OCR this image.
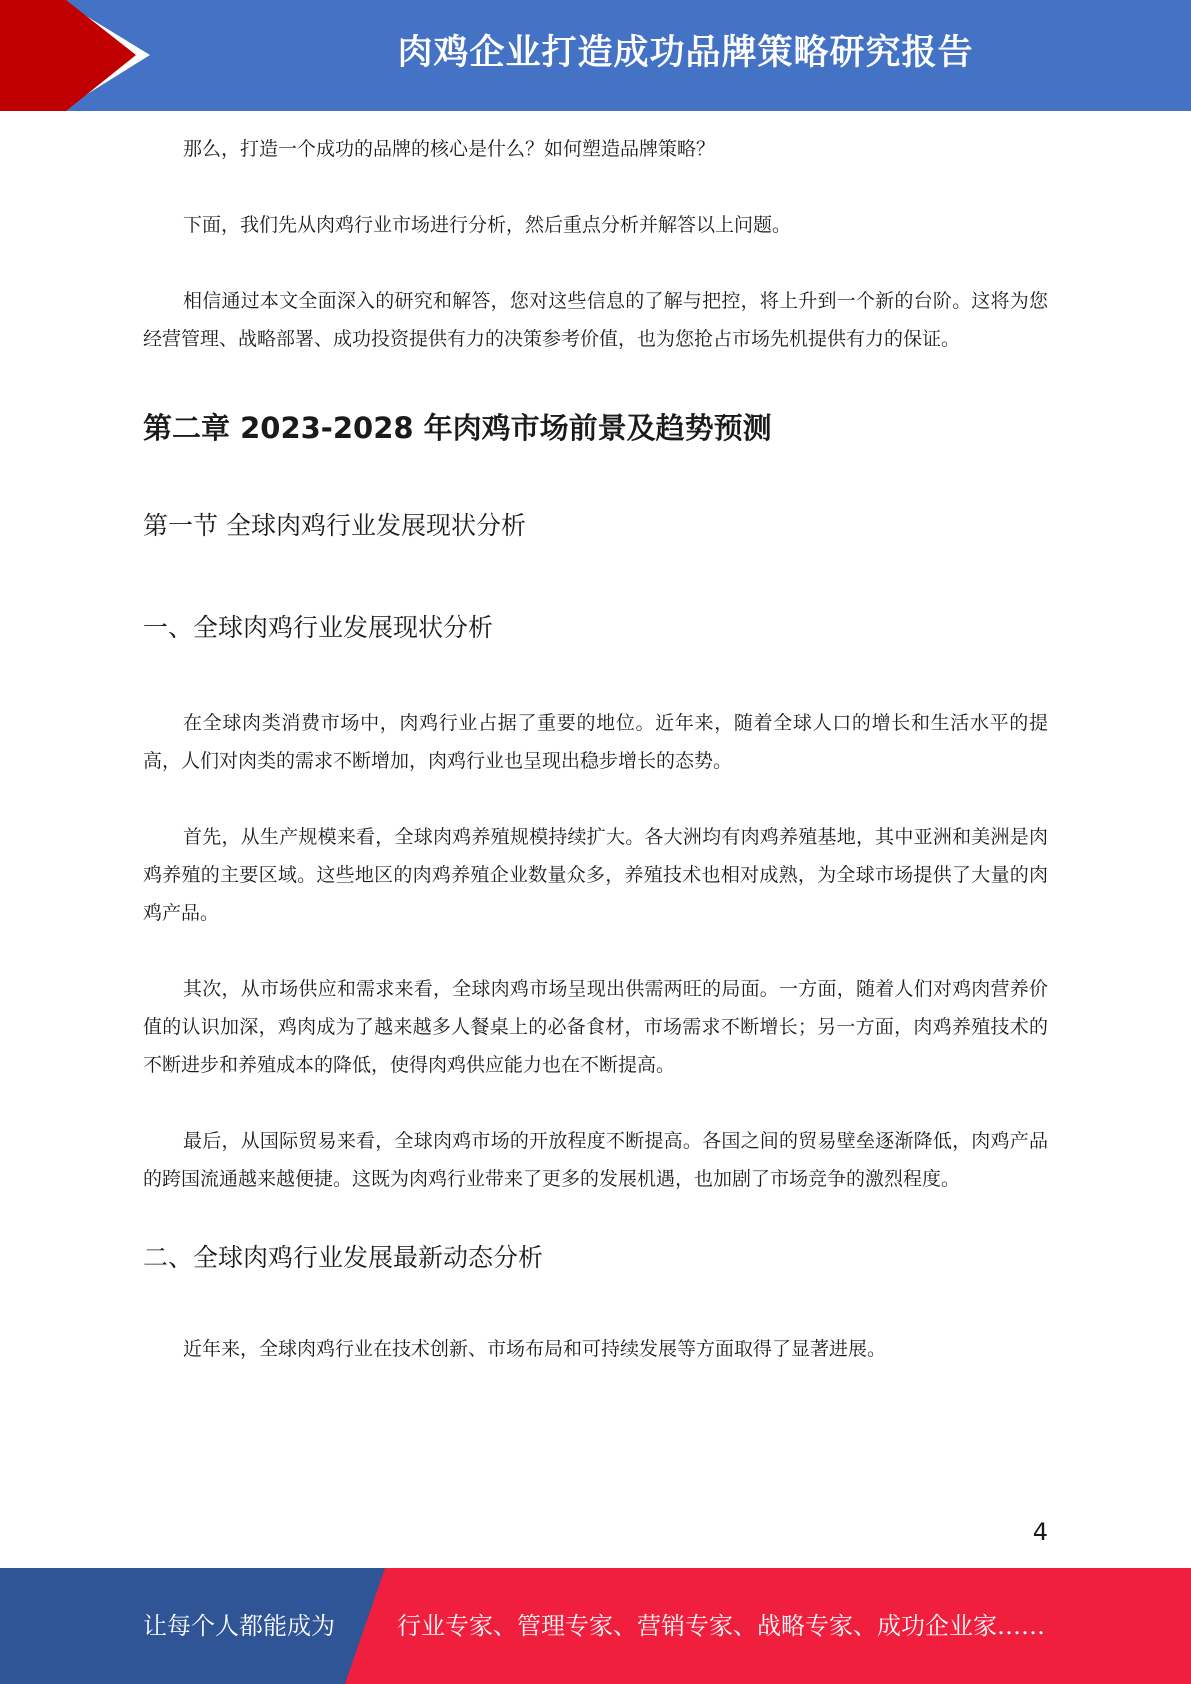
肉鸡企业打造成功品牌策略研究报告

那么，打造一个成功的品牌的核心是什么？如何塑造品牌策略？

下面，我们先从肉鸡行业市场进行分析，然后重点分析并解答以上问题。

相信通过本文全面深入的研究和解答，您对这些信息的了解与把控，将上升到一个新的台阶。这将为您经营管理、战略部署、成功投资提供有力的决策参考价值，也为您抢占市场先机提供有力的保证。

第二章 2023-2028 年肉鸡市场前景及趋势预测
第一节 全球肉鸡行业发展现状分析
一、全球肉鸡行业发展现状分析

在全球肉类消费市场中，肉鸡行业占据了重要的地位。近年来，随着全球人口的增长和生活水平的提高，人们对肉类的需求不断增加，肉鸡行业也呈现出稳步增长的态势。

首先，从生产规模来看，全球肉鸡养殖规模持续扩大。各大洲均有肉鸡养殖基地，其中亚洲和美洲是肉鸡养殖的主要区域。这些地区的肉鸡养殖企业数量众多，养殖技术也相对成熟，为全球市场提供了大量的肉鸡产品。

其次，从市场供应和需求来看，全球肉鸡市场呈现出供需两旺的局面。一方面，随着人们对鸡肉营养价值的认识加深，鸡肉成为了越来越多人餐桌上的必备食材，市场需求不断增长；另一方面，肉鸡养殖技术的不断进步和养殖成本的降低，使得肉鸡供应能力也在不断提高。

最后，从国际贸易来看，全球肉鸡市场的开放程度不断提高。各国之间的贸易壁垒逐渐降低，肉鸡产品的跨国流通越来越便捷。这既为肉鸡行业带来了更多的发展机遇，也加剧了市场竞争的激烈程度。

二、全球肉鸡行业发展最新动态分析

近年来，全球肉鸡行业在技术创新、市场布局和可持续发展等方面取得了显著进展。

4
让每个人都能成为	行业专家、管理专家、营销专家、战略专家、成功企业家……
